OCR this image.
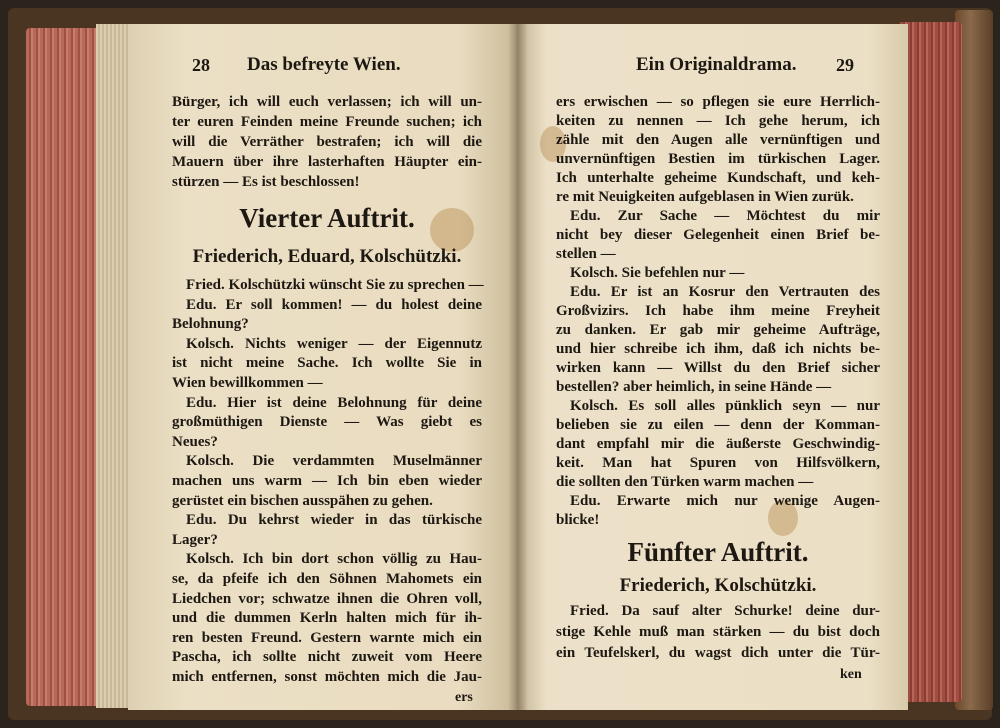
28 Das befreyte Wien.
Bürger, ich will euch verlassen; ich will un-
ter euren Feinden meine Freunde suchen; ich
will die Verräther bestrafen; ich will die
Mauern über ihre lasterhaften Häupter ein-
stürzen — Es ist beschlossen!
Vierter Auftrit.
Friederich, Eduard, Kolschützki.
Fried. Kolschützki wünscht Sie zu sprechen —
Edu. Er soll kommen! — du holest deine
Belohnung?
Kolsch. Nichts weniger — der Eigennutz
ist nicht meine Sache. Ich wollte Sie in
Wien bewillkommen —
Edu. Hier ist deine Belohnung für deine
großmüthigen Dienste — Was giebt es
Neues?
Kolsch. Die verdammten Muselmänner
machen uns warm — Ich bin eben wieder
gerüstet ein bischen ausspähen zu gehen.
Edu. Du kehrst wieder in das türkische
Lager?
Kolsch. Ich bin dort schon völlig zu Hau-
se, da pfeife ich den Söhnen Mahomets ein
Liedchen vor; schwatze ihnen die Ohren voll,
und die dummen Kerln halten mich für ih-
ren besten Freund. Gestern warnte mich ein
Pascha, ich sollte nicht zuweit vom Heere
mich entfernen, sonst möchten mich die Jau-
ers
Ein Originaldrama. 29
ers erwischen — so pflegen sie eure Herrlich-
keiten zu nennen — Ich gehe herum, ich
zähle mit den Augen alle vernünftigen und
unvernünftigen Bestien im türkischen Lager.
Ich unterhalte geheime Kundschaft, und keh-
re mit Neuigkeiten aufgeblasen in Wien zurük.
Edu. Zur Sache — Möchtest du mir
nicht bey dieser Gelegenheit einen Brief be-
stellen —
Kolsch. Sie befehlen nur —
Edu. Er ist an Kosrur den Vertrauten des
Großvizirs. Ich habe ihm meine Freyheit
zu danken. Er gab mir geheime Aufträge,
und hier schreibe ich ihm, daß ich nichts be-
wirken kann — Willst du den Brief sicher
bestellen? aber heimlich, in seine Hände —
Kolsch. Es soll alles pünklich seyn — nur
belieben sie zu eilen — denn der Komman-
dant empfahl mir die äußerste Geschwindig-
keit. Man hat Spuren von Hilfsvölkern,
die sollten den Türken warm machen —
Edu. Erwarte mich nur wenige Augen-
blicke!
Fünfter Auftrit.
Friederich, Kolschützki.
Fried. Da sauf alter Schurke! deine dur-
stige Kehle muß man stärken — du bist doch
ein Teufelskerl, du wagst dich unter die Tür-
ken
